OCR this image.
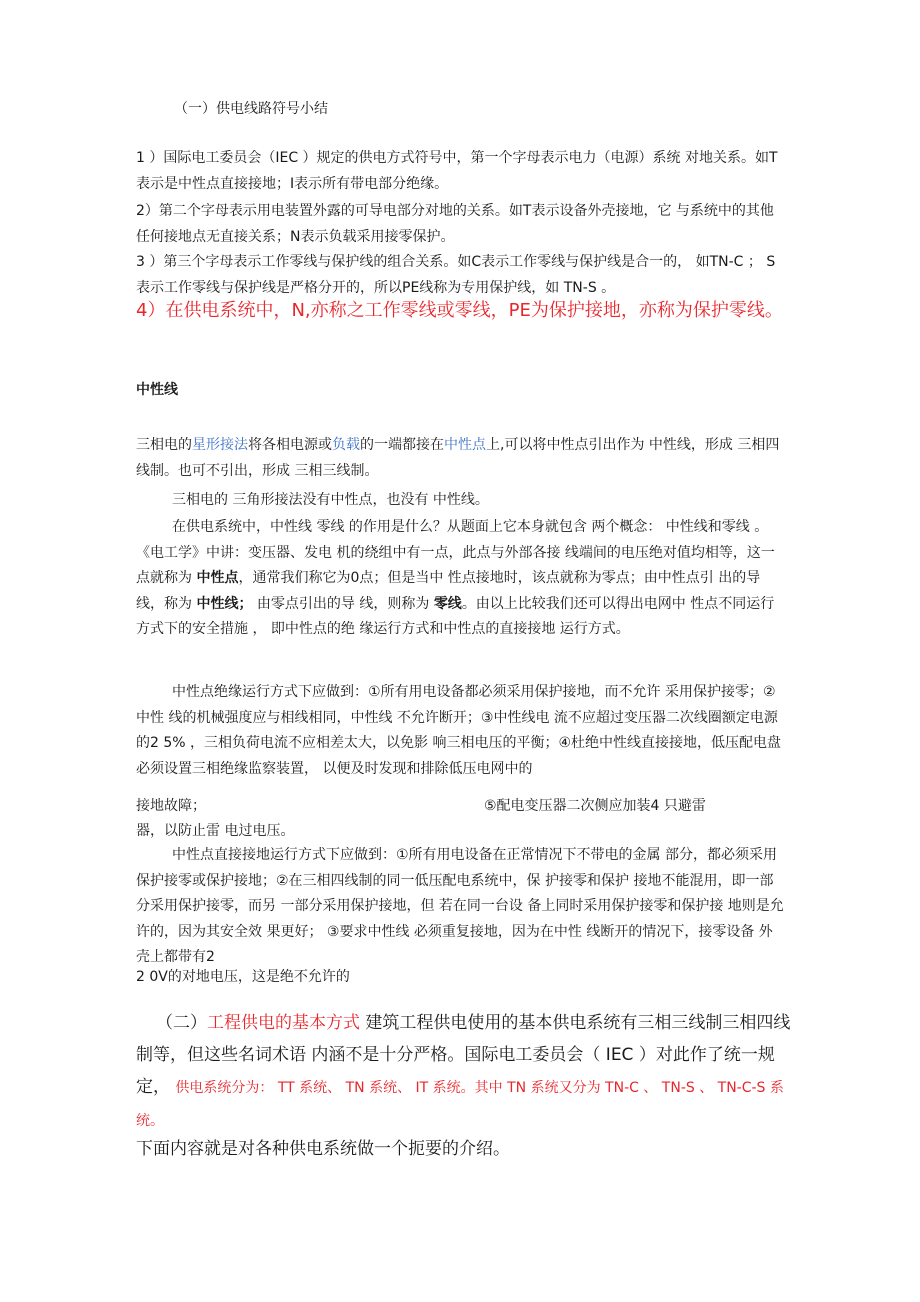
（一）供电线路符号小结

1 ）国际电工委员会（IEC ）规定的供电方式符号中，第一个字母表示电力（电源）系统 对地关系。如T表示是中性点直接接地；I表示所有带电部分绝缘。

2）第二个字母表示用电装置外露的可导电部分对地的关系。如T表示设备外壳接地，它 与系统中的其他任何接地点无直接关系；N表示负载采用接零保护。

3 ）第三个字母表示工作零线与保护线的组合关系。如C表示工作零线与保护线是合一的， 如TN-C ； S表示工作零线与保护线是严格分开的，所以PE线称为专用保护线，如 TN-S 。

4）在供电系统中，N,亦称之工作零线或零线，PE为保护接地，亦称为保护零线。

中性线

三相电的星形接法将各相电源或负载的一端都接在中性点上,可以将中性点引出作为 中性线，形成 三相四线制。也可不引出，形成 三相三线制。

三相电的 三角形接法没有中性点，也没有 中性线。

在供电系统中，中性线 零线 的作用是什么？从题面上它本身就包含 两个概念： 中性线和零线 。《电工学》中讲：变压器、发电 机的绕组中有一点，此点与外部各接 线端间的电压绝对值均相等，这一点就称为 中性点，通常我们称它为0点；但是当中 性点接地时，该点就称为零点；由中性点引 出的导线，称为 中性线； 由零点引出的导 线，则称为 零线。由以上比较我们还可以得出电网中 性点不同运行方式下的安全措施 ， 即中性点的绝 缘运行方式和中性点的直接接地 运行方式。

中性点绝缘运行方式下应做到：①所有用电设备都必须采用保护接地，而不允许 采用保护接零；②中性 线的机械强度应与相线相同，中性线 不允许断开；③中性线电 流不应超过变压器二次线圈额定电源的2 5% ，三相负荷电流不应相差太大，以免影 响三相电压的平衡；④杜绝中性线直接接地，低压配电盘必须设置三相绝缘监察装置， 以便及时发现和排除低压电网中的

接地故障；	⑤配电变压器二次侧应加装4 只避雷
器，以防止雷 电过电压。

中性点直接接地运行方式下应做到：①所有用电设备在正常情况下不带电的金属 部分，都必须采用保护接零或保护接地；②在三相四线制的同一低压配电系统中，保 护接零和保护 接地不能混用，即一部分采用保护接零，而另 一部分采用保护接地，但 若在同一台设 备上同时采用保护接零和保护接 地则是允许的，因为其安全效 果更好； ③要求中性线 必须重复接地，因为在中性 线断开的情况下，接零设备 外壳上都带有2

2 0V的对地电压，这是绝不允许的

（二）工程供电的基本方式 建筑工程供电使用的基本供电系统有三相三线制三相四线制等，但这些名词术语 内涵不是十分严格。国际电工委员会（ IEC ）对此作了统一规定， 供电系统分为： TT 系统、 TN 系统、 IT 系统。其中 TN 系统又分为 TN-C 、 TN-S 、 TN-C-S 系统。

下面内容就是对各种供电系统做一个扼要的介绍。
